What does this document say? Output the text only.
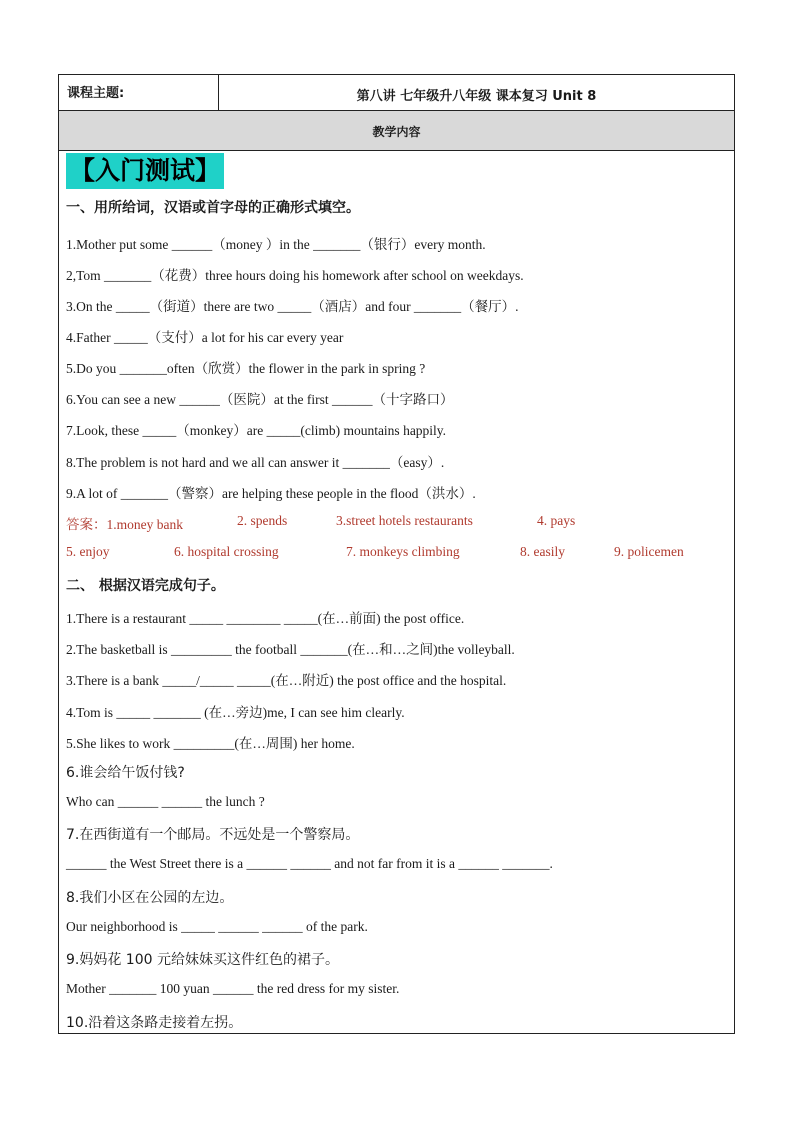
课程主题:	第八讲 七年级升八年级 课本复习 Unit 8
教学内容
【入门测试】
一、用所给词，汉语或首字母的正确形式填空。
1.Mother put some ______（money ）in the _______（银行）every month.
2,Tom _______（花费）three hours doing his homework after school on weekdays.
3.On the _____（街道）there are two _____（酒店）and four _______（餐厅）.
4.Father _____（支付）a lot for his car every year
5.Do you _______often（欣赏）the flower in the park in spring ?
6.You can see a new ______（医院）at the first ______（十字路口）
7.Look, these _____（monkey）are _____(climb) mountains happily.
8.The problem is not hard and we all can answer it _______（easy）.
9.A lot of _______（警察）are helping these people in the flood（洪水）.
答案：1.money bank	2. spends	3.street hotels restaurants	4. pays
5. enjoy	6. hospital crossing	7. monkeys climbing	8. easily	9. policemen
二、 根据汉语完成句子。
1.There is a restaurant _____ ________ _____(在…前面) the post office.
2.The basketball is _________ the football _______(在…和…之间)the volleyball.
3.There is a bank _____/_____ _____(在…附近) the post office and the hospital.
4.Tom is _____ _______ (在…旁边)me, I can see him clearly.
5.She likes to work _________(在…周围) her home.
6.谁会给午饭付钱?
Who can ______ ______ the lunch ?
7.在西街道有一个邮局。不远处是一个警察局。
______ the West Street there is a ______ ______ and not far from it is a ______ _______.
8.我们小区在公园的左边。
Our neighborhood is _____ ______ ______ of the park.
9.妈妈花 100 元给妹妹买这件红色的裙子。
Mother _______ 100 yuan ______ the red dress for my sister.
10.沿着这条路走接着左拐。
